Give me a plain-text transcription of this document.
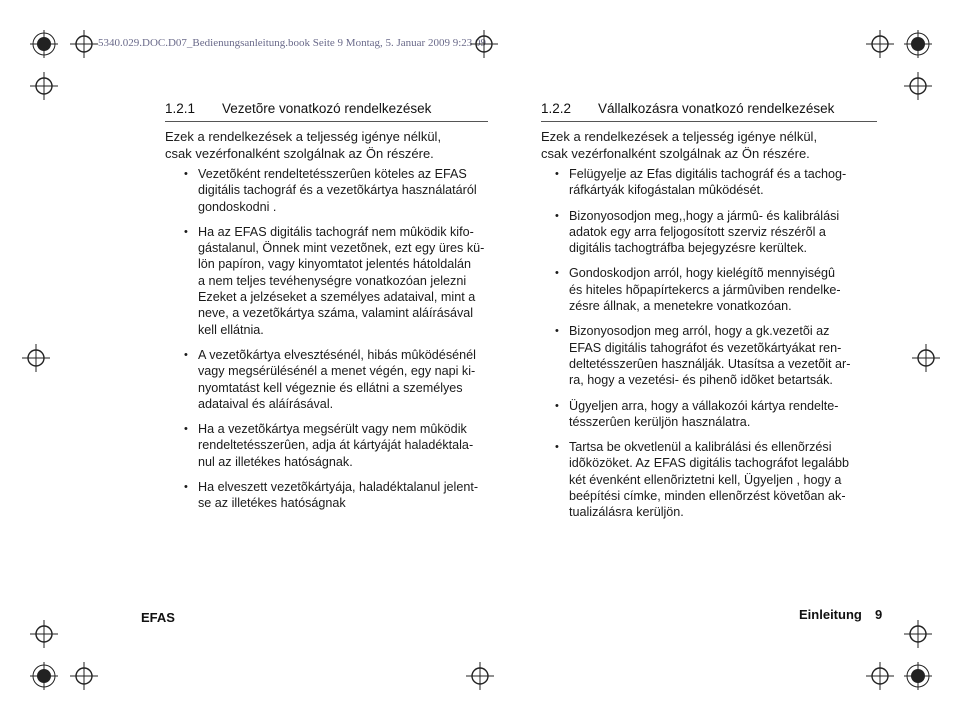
5340.029.DOC.D07_Bedienungsanleitung.book Seite 9 Montag, 5. Januar 2009 9:23 09
1.2.1 Vezetõre vonatkozó rendelkezések
Ezek a rendelkezések a teljesség igénye nélkül,
csak vezérfonalként szolgálnak az Ön részére.
• Vezetõként rendeltetésszerûen köteles az EFAS
digitális tachográf és a vezetõkártya használatáról
gondoskodni .
• Ha az EFAS digitális tachográf nem mûködik kifo-
gástalanul, Önnek mint vezetõnek, ezt egy üres kü-
lön papíron, vagy kinyomtatot jelentés hátoldalán
a nem teljes tevéhenységre vonatkozóan jelezni
Ezeket a jelzéseket a személyes adataival, mint a
neve, a vezetõkártya száma, valamint aláírásával
kell ellátnia.
• A vezetõkártya elvesztésénél, hibás mûködésénél
vagy megsérülésénél a menet végén, egy napi ki-
nyomtatást kell végeznie és ellátni a személyes
adataival és aláírásával.
• Ha a vezetõkártya megsérült vagy nem mûködik
rendeltetésszerûen, adja át kártyáját haladéktala-
nul az illetékes hatóságnak.
• Ha elveszett vezetõkártyája, haladéktalanul jelent-
se az illetékes hatóságnak
1.2.2 Vállalkozásra vonatkozó rendelkezések
Ezek a rendelkezések a teljesség igénye nélkül,
csak vezérfonalként szolgálnak az Ön részére.
• Felügyelje az Efas digitális tachográf és a tachog-
ráfkártyák kifogástalan mûködését.
• Bizonyosodjon meg,,hogy a jármû- és kalibrálási
adatok egy arra feljogosított szerviz részérõl a
digitális tachogtráfba bejegyzésre kerültek.
• Gondoskodjon arról, hogy kielégítõ mennyiségû
és hiteles hõpapírtekercs a jármûviben rendelke-
zésre állnak, a menetekre vonatkozóan.
• Bizonyosodjon meg arról, hogy a gk.vezetõi az
EFAS digitális tahográfot és vezetõkártyákat ren-
deltetésszerûen használják. Utasítsa a vezetõit ar-
ra, hogy a vezetési- és pihenõ idõket betartsák.
• Ügyeljen arra, hogy a vállakozói kártya rendelte-
tésszerûen kerüljön használatra.
• Tartsa be okvetlenül a kalibrálási és ellenõrzési
idõközöket. Az EFAS digitális tachográfot legalább
két évenként ellenõriztetni kell, Ügyeljen , hogy a
beépítési címke, minden ellenõrzést követõan ak-
tualizálásra kerüljön.
EFAS	Einleitung 9
